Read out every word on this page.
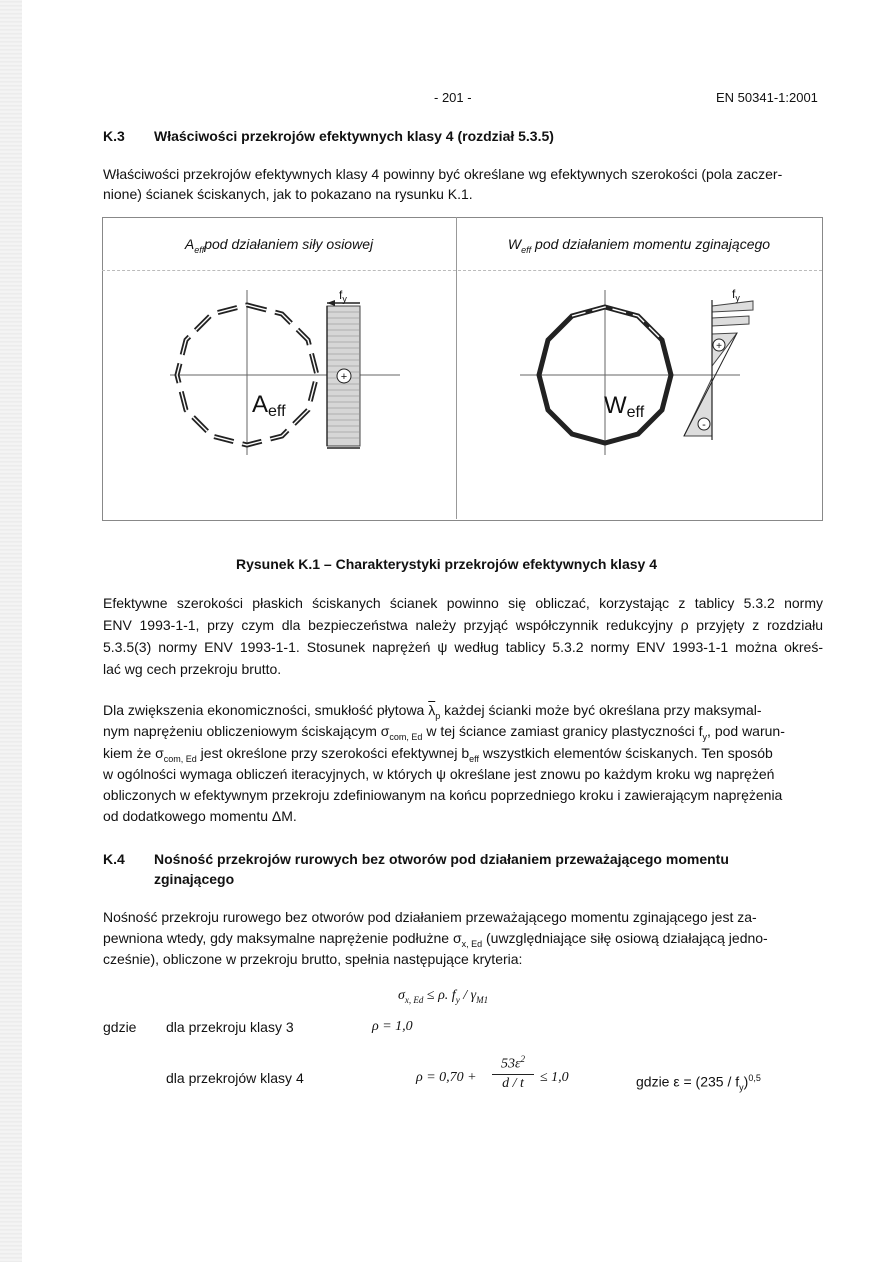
- 201 -	EN 50341-1:2001
K.3 Właściwości przekrojów efektywnych klasy 4 (rozdział 5.3.5)
Właściwości przekrojów efektywnych klasy 4 powinny być określane wg efektywnych szerokości (pola zaczer-
nione) ścianek ściskanych, jak to pokazano na rysunku K.1.
$A_{eff}pod$ działaniem siły osiowej	$W_{eff}$ pod działaniem momentu zginającego
Aeff
$f_y$
+
Weff
$f_y$
+
-
Rysunek K.1 – Charakterystyki przekrojów efektywnych klasy 4
Efektywne szerokości płaskich ściskanych ścianek powinno się obliczać, korzystając z tablicy 5.3.2 normy
ENV 1993-1-1, przy czym dla bezpieczeństwa należy przyjąć współczynnik redukcyjny ρ przyjęty z rozdziału
5.3.5(3) normy ENV 1993-1-1. Stosunek naprężeń ψ według tablicy 5.3.2 normy ENV 1993-1-1 można okreś-
lać wg cech przekroju brutto.
Dla zwiększenia ekonomiczności, smukłość płytowa $\overline{\lambda}_p$ każdej ścianki może być określana przy maksymal-
nym naprężeniu obliczeniowym ściskającym $\sigma_{com, Ed}$ w tej ściance zamiast granicy plastyczności $f_y$, pod warun-
kiem że $\sigma_{com, Ed}$ jest określone przy szerokości efektywnej $b_{eff}$ wszystkich elementów ściskanych. Ten sposób
w ogólności wymaga obliczeń iteracyjnych, w których ψ określane jest znowu po każdym kroku wg naprężeń
obliczonych w efektywnym przekroju zdefiniowanym na końcu poprzedniego kroku i zawierającym naprężenia
od dodatkowego momentu ΔM.
K.4 Nośność przekrojów rurowych bez otworów pod działaniem przeważającego momentu
zginającego
Nośność przekroju rurowego bez otworów pod działaniem przeważającego momentu zginającego jest za-
pewniona wtedy, gdy maksymalne naprężenie podłużne $\sigma_{x, Ed}$ (uwzględniające siłę osiową działającą jedno-
cześnie), obliczone w przekroju brutto, spełnia następujące kryteria:
$\sigma_{x, Ed} \le \rho$. $f_y / \gamma_{M1}$
gdzie dla przekroju klasy 3	ρ = 1,0
dla przekrojów klasy 4	ρ = 0,70 +
$53\varepsilon^2$
d / t	≤ 1,0	gdzie $\varepsilon = (235 / f_y)^{0,5}$
